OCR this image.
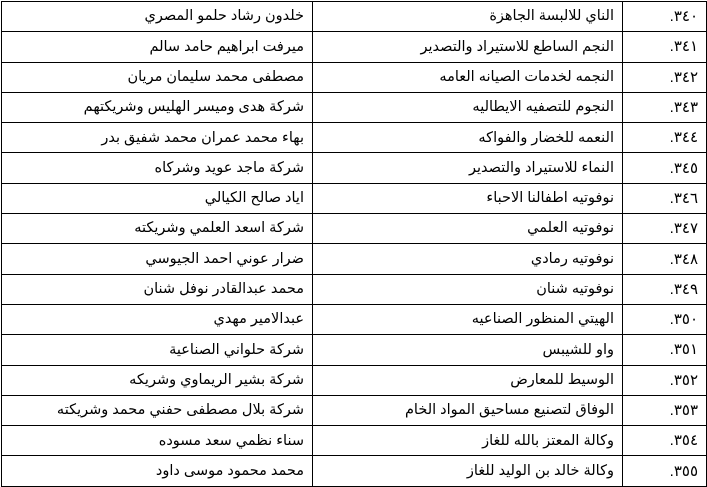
٣٤٠.	الناي للالبسة الجاهزة	خلدون رشاد حلمو المصري
٣٤١.	النجم الساطع للاستيراد والتصدير	ميرفت ابراهيم حامد سالم
٣٤٢.	النجمه لخدمات الصيانه العامه	مصطفى محمد سليمان مريان
٣٤٣.	النجوم للتصفيه الايطاليه	شركة هدى وميسر الهليس وشريكتهم
٣٤٤.	النعمه للخضار والفواكه	بهاء محمد عمران محمد شفيق بدر
٣٤٥.	النماء للاستيراد والتصدير	شركة ماجد عويد وشركاه
٣٤٦.	نوفوتيه اطفالنا الاحباء	اياد صالح الكيالي
٣٤٧.	نوفوتيه العلمي	شركة اسعد العلمي وشريكته
٣٤٨.	نوفوتيه رمادي	ضرار عوني احمد الجيوسي
٣٤٩.	نوفوتيه شنان	محمد عبدالقادر نوفل شنان
٣٥٠.	الهيتي المنظور الصناعيه	عبدالامير مهدي
٣٥١.	واو للشيبس	شركة حلواني الصناعية
٣٥٢.	الوسيط للمعارض	شركة بشير الريماوي وشريكه
٣٥٣.	الوفاق لتصنيع مساحيق المواد الخام	شركة بلال مصطفى حفني محمد وشريكته
٣٥٤.	وكالة المعتز بالله للغاز	سناء نظمي سعد مسوده
٣٥٥.	وكالة خالد بن الوليد للغاز	محمد محمود موسى داود
